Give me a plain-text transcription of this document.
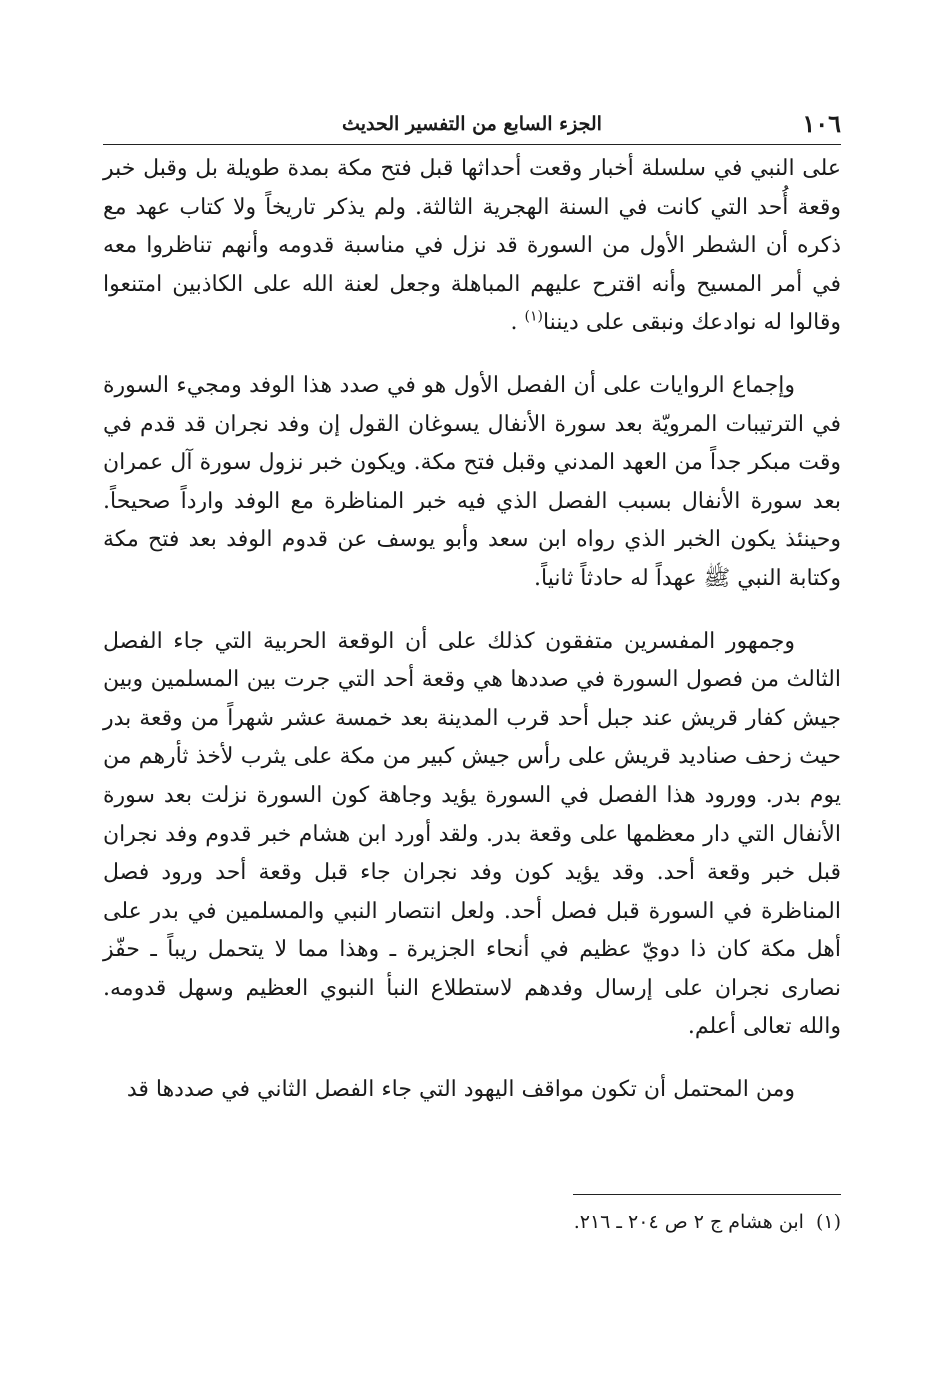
١٠٦
الجزء السابع من التفسير الحديث

على النبي في سلسلة أخبار وقعت أحداثها قبل فتح مكة بمدة طويلة بل وقبل خبر وقعة أُحد التي كانت في السنة الهجرية الثالثة. ولم يذكر تاريخاً ولا كتاب عهد مع ذكره أن الشطر الأول من السورة قد نزل في مناسبة قدومه وأنهم تناظروا معه في أمر المسيح وأنه اقترح عليهم المباهلة وجعل لعنة الله على الكاذبين امتنعوا وقالوا له نوادعك ونبقى على ديننا$^{(١)}$ .

وإجماع الروايات على أن الفصل الأول هو في صدد هذا الوفد ومجيء السورة في الترتيبات المرويّة بعد سورة الأنفال يسوغان القول إن وفد نجران قد قدم في وقت مبكر جداً من العهد المدني وقبل فتح مكة. ويكون خبر نزول سورة آل عمران بعد سورة الأنفال بسبب الفصل الذي فيه خبر المناظرة مع الوفد وارداً صحيحاً. وحينئذ يكون الخبر الذي رواه ابن سعد وأبو يوسف عن قدوم الوفد بعد فتح مكة وكتابة النبي ﷺ عهداً له حادثاً ثانياً.

وجمهور المفسرين متفقون كذلك على أن الوقعة الحربية التي جاء الفصل الثالث من فصول السورة في صددها هي وقعة أحد التي جرت بين المسلمين وبين جيش كفار قريش عند جبل أحد قرب المدينة بعد خمسة عشر شهراً من وقعة بدر حيث زحف صناديد قريش على رأس جيش كبير من مكة على يثرب لأخذ ثأرهم من يوم بدر. وورود هذا الفصل في السورة يؤيد وجاهة كون السورة نزلت بعد سورة الأنفال التي دار معظمها على وقعة بدر. ولقد أورد ابن هشام خبر قدوم وفد نجران قبل خبر وقعة أحد. وقد يؤيد كون وفد نجران جاء قبل وقعة أحد ورود فصل المناظرة في السورة قبل فصل أحد. ولعل انتصار النبي والمسلمين في بدر على أهل مكة كان ذا دويّ عظيم في أنحاء الجزيرة ـ وهذا مما لا يتحمل ريباً ـ حفّز نصارى نجران على إرسال وفدهم لاستطلاع النبأ النبوي العظيم وسهل قدومه. والله تعالى أعلم.

ومن المحتمل أن تكون مواقف اليهود التي جاء الفصل الثاني في صددها قد

(١) ابن هشام ج ٢ ص ٢٠٤ ـ ٢١٦.
